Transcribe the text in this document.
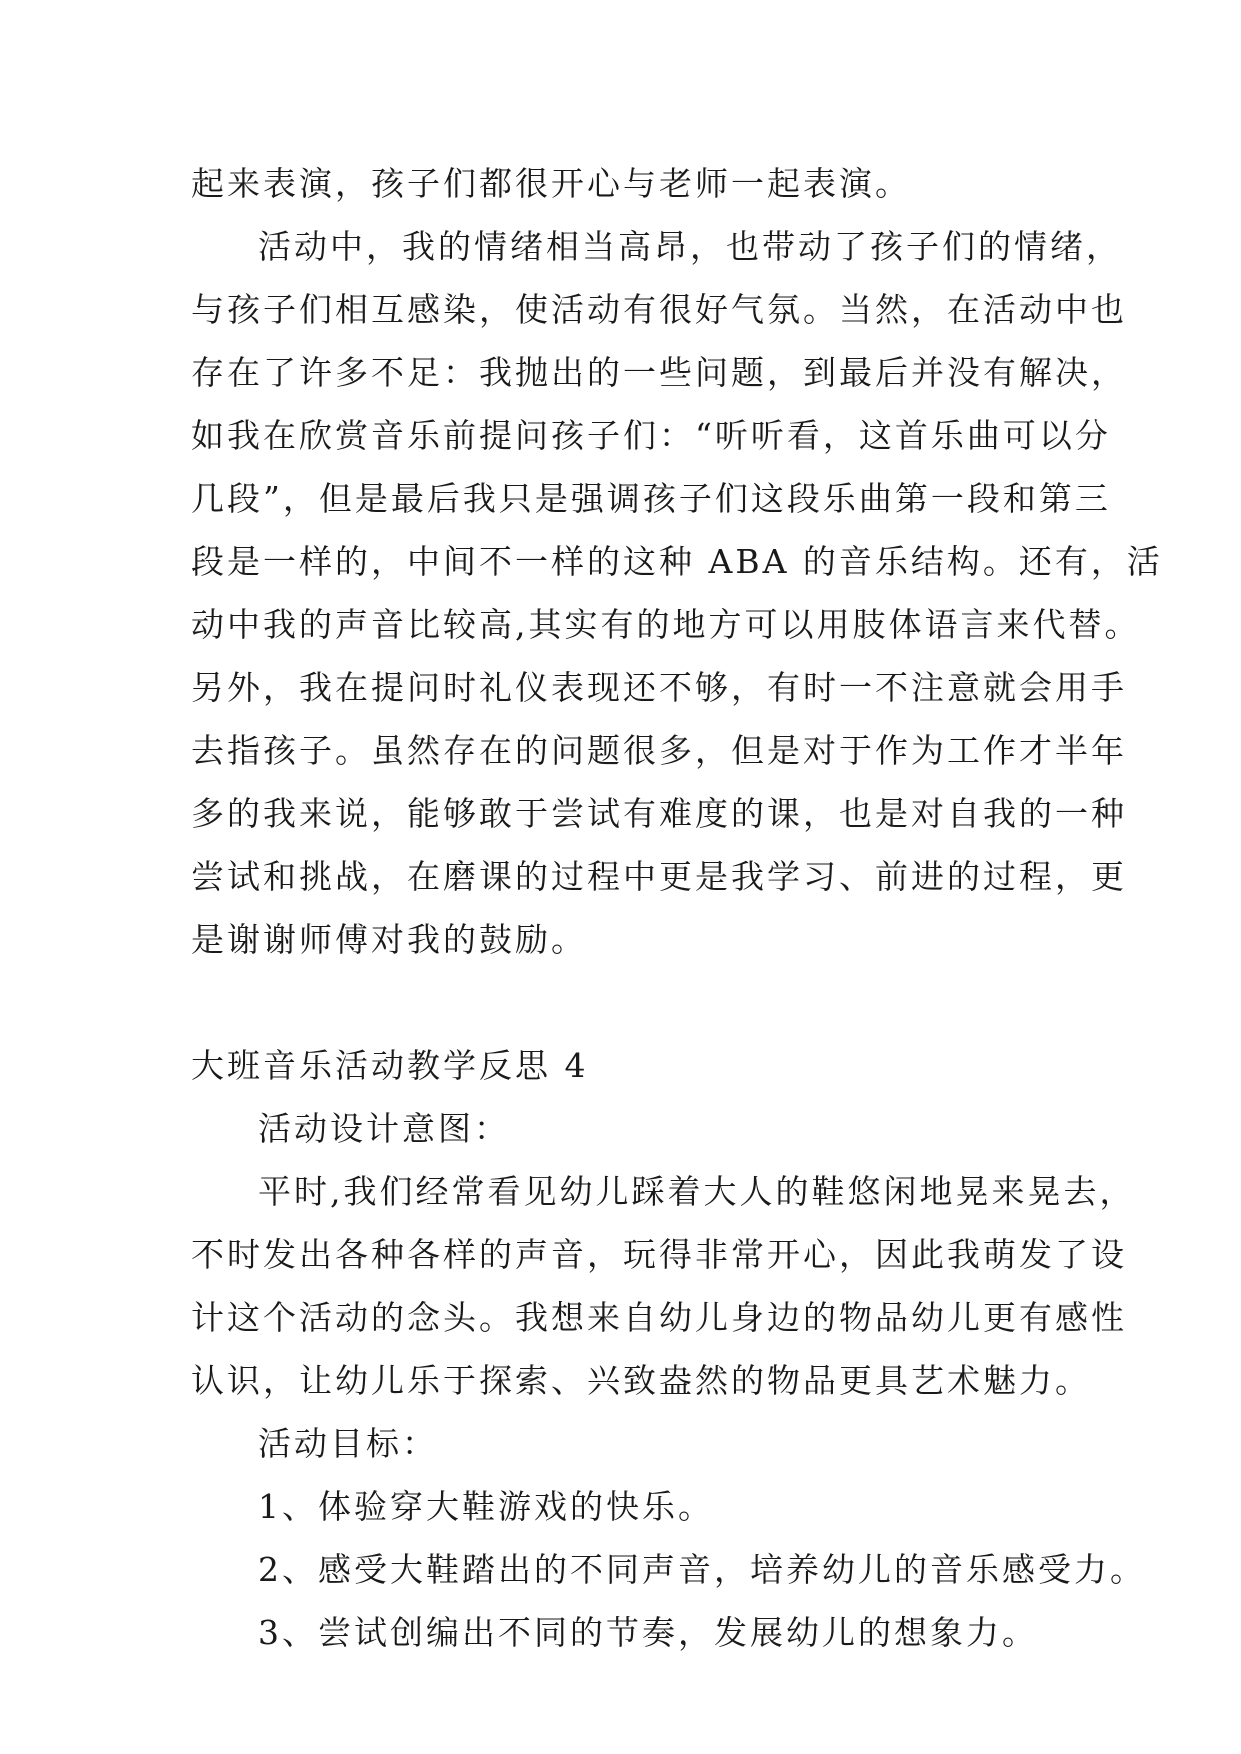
起来表演，孩子们都很开心与老师一起表演。
活动中，我的情绪相当高昂，也带动了孩子们的情绪，
与孩子们相互感染，使活动有很好气氛。当然，在活动中也
存在了许多不足：我抛出的一些问题，到最后并没有解决，
如我在欣赏音乐前提问孩子们：“听听看，这首乐曲可以分
几段”，但是最后我只是强调孩子们这段乐曲第一段和第三
段是一样的，中间不一样的这种 ABA 的音乐结构。还有，活
动中我的声音比较高,其实有的地方可以用肢体语言来代替。
另外，我在提问时礼仪表现还不够，有时一不注意就会用手
去指孩子。虽然存在的问题很多，但是对于作为工作才半年
多的我来说，能够敢于尝试有难度的课，也是对自我的一种
尝试和挑战，在磨课的过程中更是我学习、前进的过程，更
是谢谢师傅对我的鼓励。
大班音乐活动教学反思 4
活动设计意图：
平时,我们经常看见幼儿踩着大人的鞋悠闲地晃来晃去，
不时发出各种各样的声音，玩得非常开心，因此我萌发了设
计这个活动的念头。我想来自幼儿身边的物品幼儿更有感性
认识，让幼儿乐于探索、兴致盎然的物品更具艺术魅力。
活动目标：
1、体验穿大鞋游戏的快乐。
2、感受大鞋踏出的不同声音，培养幼儿的音乐感受力。
3、尝试创编出不同的节奏，发展幼儿的想象力。
